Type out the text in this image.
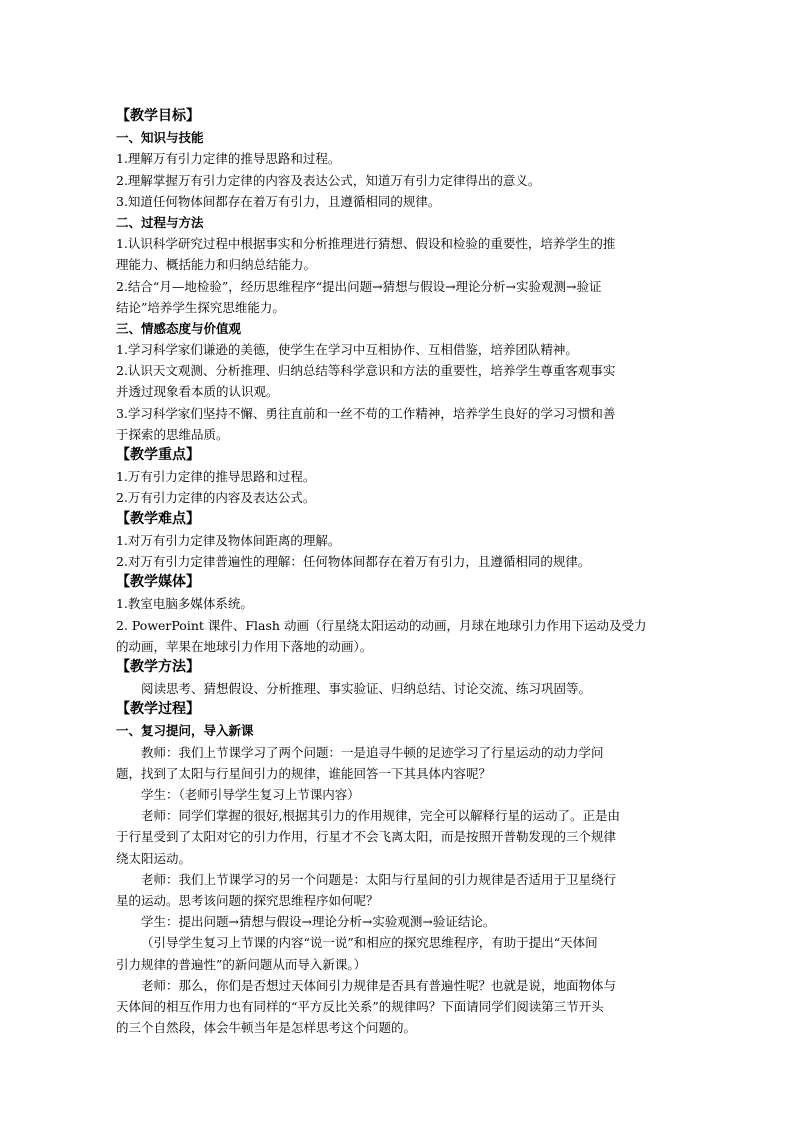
【教学目标】
一、知识与技能
1.理解万有引力定律的推导思路和过程。
2.理解掌握万有引力定律的内容及表达公式，知道万有引力定律得出的意义。
3.知道任何物体间都存在着万有引力，且遵循相同的规律。
二、过程与方法
1.认识科学研究过程中根据事实和分析推理进行猜想、假设和检验的重要性，培养学生的推
理能力、概括能力和归纳总结能力。
2.结合“月—地检验”，经历思维程序“提出问题→猜想与假设→理论分析→实验观测→验证
结论”培养学生探究思维能力。
三、情感态度与价值观
1.学习科学家们谦逊的美德，使学生在学习中互相协作、互相借鉴，培养团队精神。
2.认识天文观测、分析推理、归纳总结等科学意识和方法的重要性，培养学生尊重客观事实
并透过现象看本质的认识观。
3.学习科学家们坚持不懈、勇往直前和一丝不苟的工作精神，培养学生良好的学习习惯和善
于探索的思维品质。
【教学重点】
1.万有引力定律的推导思路和过程。
2.万有引力定律的内容及表达公式。
【教学难点】
1.对万有引力定律及物体间距离的理解。
2.对万有引力定律普遍性的理解：任何物体间都存在着万有引力，且遵循相同的规律。
【教学媒体】
1.教室电脑多媒体系统。
2. PowerPoint 课件、Flash 动画（行星绕太阳运动的动画，月球在地球引力作用下运动及受力
的动画，苹果在地球引力作用下落地的动画）。
【教学方法】
阅读思考、猜想假设、分析推理、事实验证、归纳总结、讨论交流、练习巩固等。
【教学过程】
一、复习提问，导入新课
教师：我们上节课学习了两个问题：一是追寻牛顿的足迹学习了行星运动的动力学问
题，找到了太阳与行星间引力的规律，谁能回答一下其具体内容呢？
学生：（老师引导学生复习上节课内容）
老师：同学们掌握的很好,根据其引力的作用规律，完全可以解释行星的运动了。正是由
于行星受到了太阳对它的引力作用，行星才不会飞离太阳，而是按照开普勒发现的三个规律
绕太阳运动。
老师：我们上节课学习的另一个问题是：太阳与行星间的引力规律是否适用于卫星绕行
星的运动。思考该问题的探究思维程序如何呢？
学生：提出问题→猜想与假设→理论分析→实验观测→验证结论。
（引导学生复习上节课的内容“说一说”和相应的探究思维程序，有助于提出“天体间
引力规律的普遍性”的新问题从而导入新课。）
老师：那么，你们是否想过天体间引力规律是否具有普遍性呢？也就是说，地面物体与
天体间的相互作用力也有同样的“平方反比关系”的规律吗？下面请同学们阅读第三节开头
的三个自然段，体会牛顿当年是怎样思考这个问题的。
